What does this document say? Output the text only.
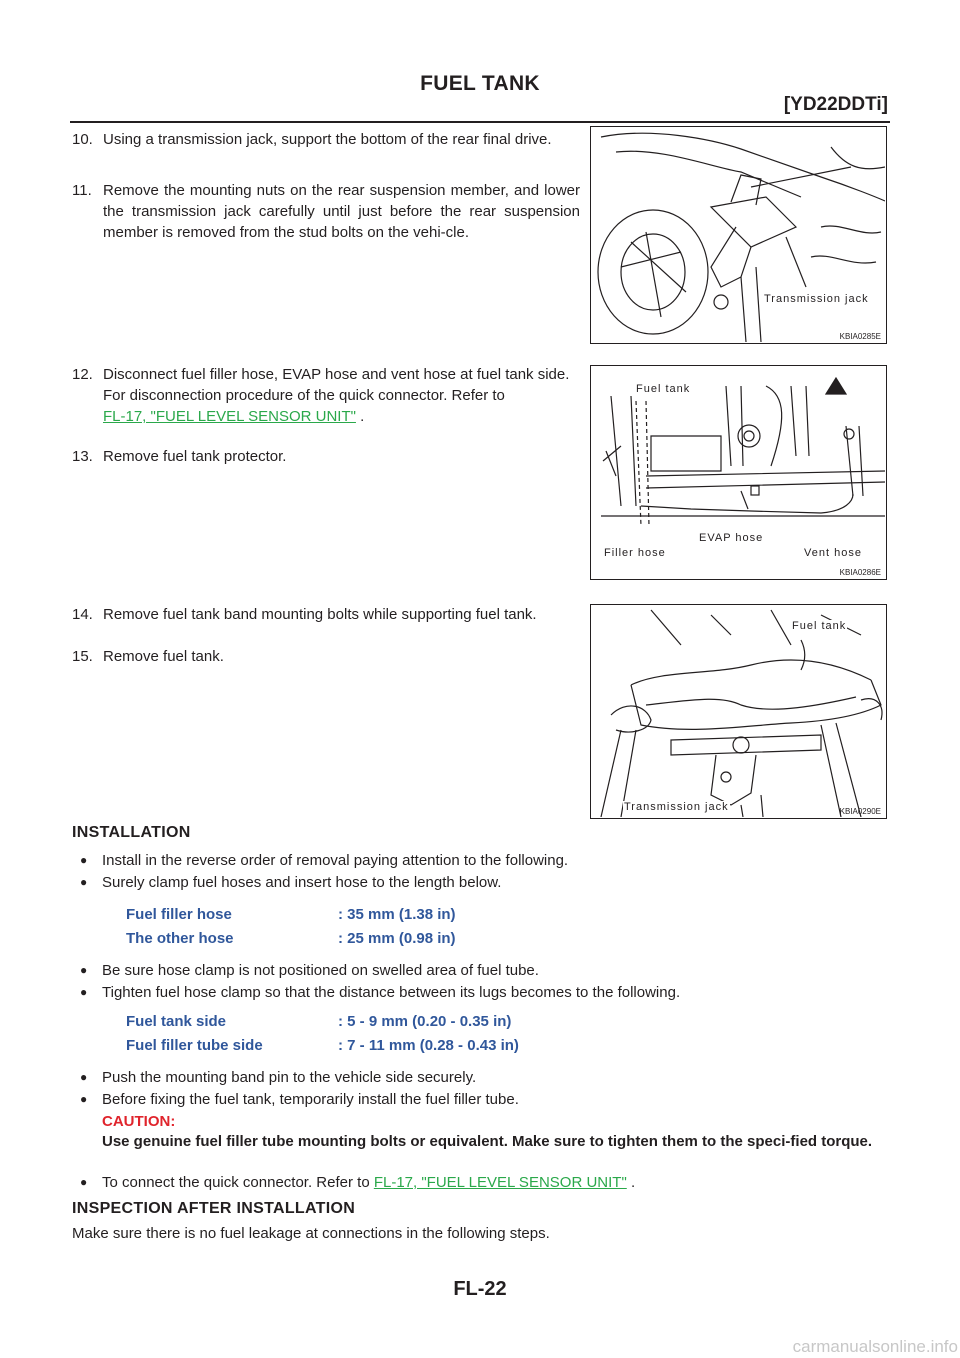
FUEL TANK
[YD22DDTi]
10. Using a transmission jack, support the bottom of the rear final drive.
11. Remove the mounting nuts on the rear suspension member, and lower the transmission jack carefully until just before the rear suspension member is removed from the stud bolts on the vehi-cle.
12. Disconnect fuel filler hose, EVAP hose and vent hose at fuel tank side.
For disconnection procedure of the quick connector. Refer to
FL-17, "FUEL LEVEL SENSOR UNIT" .
13. Remove fuel tank protector.
14. Remove fuel tank band mounting bolts while supporting fuel tank.
15. Remove fuel tank.
Transmission jack
KBIA0285E
Fuel tank
Filler hose
EVAP hose
Vent hose
KBIA0286E
Fuel tank
Transmission jack	KBIA0290E
INSTALLATION
● Install in the reverse order of removal paying attention to the following.
● Surely clamp fuel hoses and insert hose to the length below.
Fuel filler hose	: 35 mm (1.38 in)
The other hose	: 25 mm (0.98 in)
● Be sure hose clamp is not positioned on swelled area of fuel tube.
● Tighten fuel hose clamp so that the distance between its lugs becomes to the following.
Fuel tank side	: 5 - 9 mm (0.20 - 0.35 in)
Fuel filler tube side	: 7 - 11 mm (0.28 - 0.43 in)
● Push the mounting band pin to the vehicle side securely.
● Before fixing the fuel tank, temporarily install the fuel filler tube.
CAUTION:
Use genuine fuel filler tube mounting bolts or equivalent. Make sure to tighten them to the speci-fied torque.
● To connect the quick connector. Refer to FL-17, "FUEL LEVEL SENSOR UNIT" .
INSPECTION AFTER INSTALLATION
Make sure there is no fuel leakage at connections in the following steps.
FL-22
carmanualsonline.info
